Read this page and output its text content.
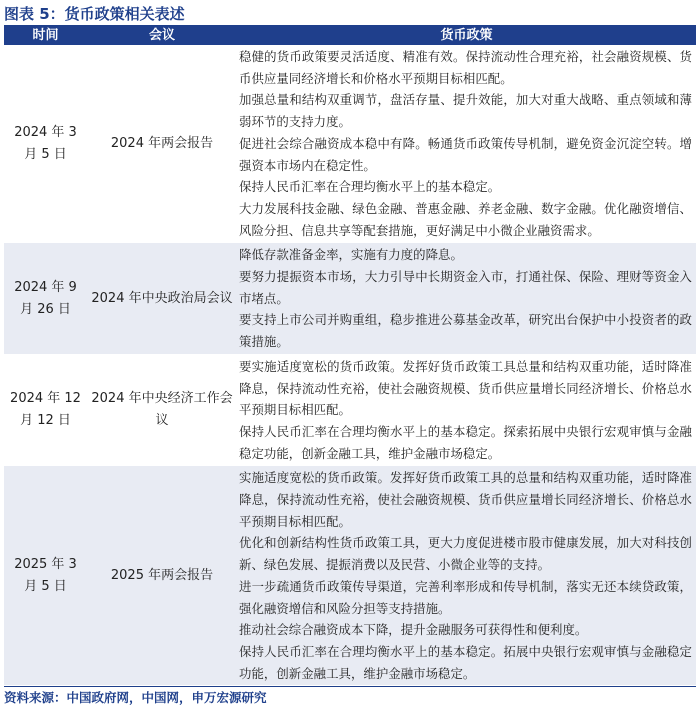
图表 5：货币政策相关表述
时间	会议	货币政策
2024 年 3 月 5 日	2024 年两会报告	稳健的货币政策要灵活适度、精准有效。保持流动性合理充裕，社会融资规模、货币供应量同经济增长和价格水平预期目标相匹配。
加强总量和结构双重调节，盘活存量、提升效能，加大对重大战略、重点领域和薄弱环节的支持力度。
促进社会综合融资成本稳中有降。畅通货币政策传导机制，避免资金沉淀空转。增强资本市场内在稳定性。
保持人民币汇率在合理均衡水平上的基本稳定。
大力发展科技金融、绿色金融、普惠金融、养老金融、数字金融。优化融资增信、风险分担、信息共享等配套措施，更好满足中小微企业融资需求。

2024 年 9 月 26 日	2024 年中央政治局会议	降低存款准备金率，实施有力度的降息。
要努力提振资本市场，大力引导中长期资金入市，打通社保、保险、理财等资金入市堵点。
要支持上市公司并购重组，稳步推进公募基金改革，研究出台保护中小投资者的政策措施。

2024 年 12 月 12 日	2024 年中央经济工作会议	要实施适度宽松的货币政策。发挥好货币政策工具总量和结构双重功能，适时降准降息，保持流动性充裕，使社会融资规模、货币供应量增长同经济增长、价格总水平预期目标相匹配。
保持人民币汇率在合理均衡水平上的基本稳定。探索拓展中央银行宏观审慎与金融稳定功能，创新金融工具，维护金融市场稳定。

2025 年 3 月 5 日	2025 年两会报告	实施适度宽松的货币政策。发挥好货币政策工具的总量和结构双重功能，适时降准降息，保持流动性充裕，使社会融资规模、货币供应量增长同经济增长、价格总水平预期目标相匹配。
优化和创新结构性货币政策工具，更大力度促进楼市股市健康发展，加大对科技创新、绿色发展、提振消费以及民营、小微企业等的支持。
进一步疏通货币政策传导渠道，完善利率形成和传导机制，落实无还本续贷政策，强化融资增信和风险分担等支持措施。
推动社会综合融资成本下降，提升金融服务可获得性和便利度。
保持人民币汇率在合理均衡水平上的基本稳定。拓展中央银行宏观审慎与金融稳定功能，创新金融工具，维护金融市场稳定。
资料来源：中国政府网，中国网，申万宏源研究
